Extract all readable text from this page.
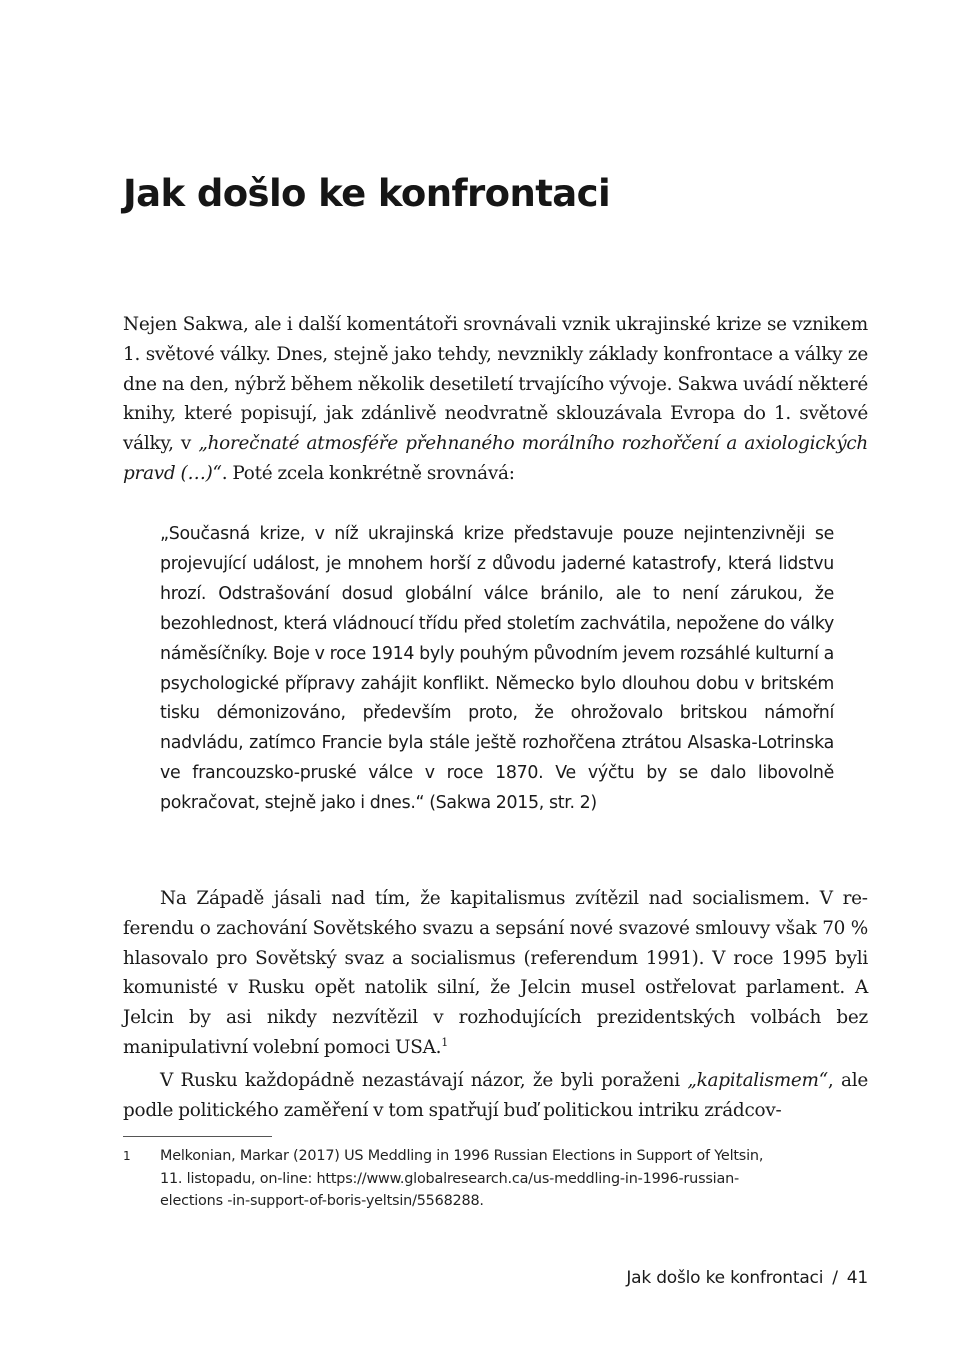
Jak došlo ke konfrontaci

Nejen Sakwa, ale i další komentátoři srovnávali vznik ukrajinské krize se vznikem 1. světové války. Dnes, stejně jako tehdy, nevznikly základy konfrontace a války ze dne na den, nýbrž během několik desetiletí trvajícího vývoje. Sakwa uvádí některé knihy, které popisují, jak zdánlivě neodvratně sklouzávala Evropa do 1. světové války, v „horečnaté atmosféře přehnaného morálního rozhořčení a axiologických pravd (…)“. Poté zcela konkrétně srovnává:

„Současná krize, v níž ukrajinská krize představuje pouze nejintenzivněji se projevující událost, je mnohem horší z důvodu jaderné katastrofy, která lidstvu hrozí. Odstrašování dosud globální válce bránilo, ale to není zárukou, že bezohlednost, která vládnoucí třídu před stoletím zachvátila, nepožene do války náměsíčníky. Boje v roce 1914 byly pouhým původním jevem rozsáhlé kulturní a psychologické přípravy zahájit konflikt. Německo bylo dlouhou dobu v britském tisku démonizováno, především proto, že ohrožovalo britskou námořní nadvládu, zatímco Francie byla stále ještě rozhořčena ztrátou Alsaska-Lotrinska ve francouzsko-pruské válce v roce 1870. Ve výčtu by se dalo libovolně pokračovat, stejně jako i dnes.“ (Sakwa 2015, str. 2)

Na Západě jásali nad tím, že kapitalismus zvítězil nad socialismem. V referendu o zachování Sovětského svazu a sepsání nové svazové smlouvy však 70 % hlasovalo pro Sovětský svaz a socialismus (referendum 1991). V roce 1995 byli komunisté v Rusku opět natolik silní, že Jelcin musel ostřelovat parlament. A Jelcin by asi nikdy nezvítězil v rozhodujících prezidentských volbách bez manipulativní volební pomoci USA.$^1$

V Rusku každopádně nezastávají názor, že byli poraženi „kapitalismem“, ale podle politického zaměření v tom spatřují buď politickou intriku zrádcov-

1 Melkonian, Markar (2017) US Meddling in 1996 Russian Elections in Support of Yeltsin,
11. listopadu, on-line: https://www.globalresearch.ca/us-meddling-in-1996-russian-
elections -in-support-of-boris-yeltsin/5568288.
Jak došlo ke konfrontaci / 41
